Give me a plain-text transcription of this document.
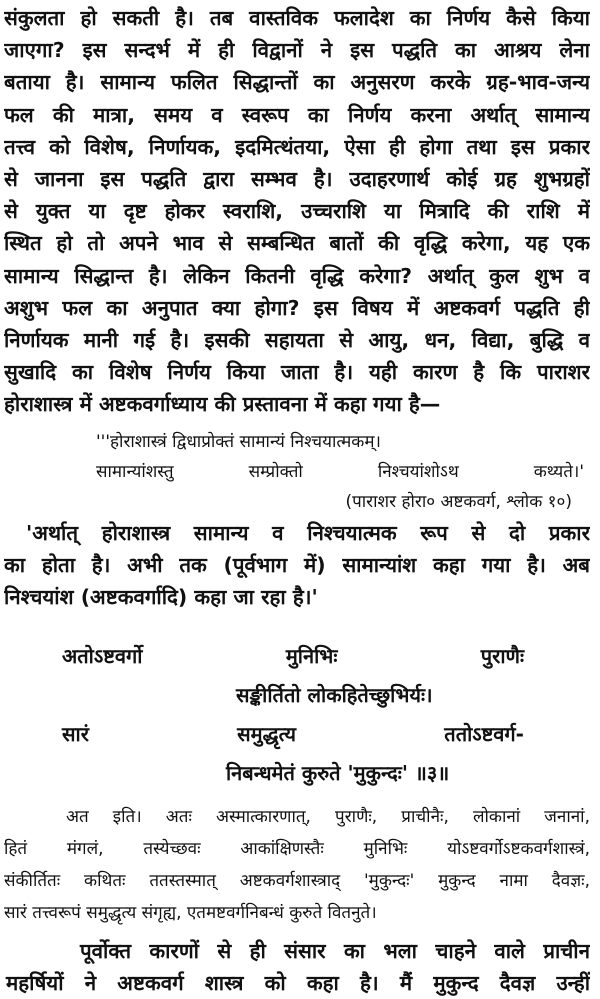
संकुलता हो सकती है। तब वास्तविक फलादेश का निर्णय कैसे किया
जाएगा? इस सन्दर्भ में ही विद्वानों ने इस पद्धति का आश्रय लेना
बताया है। सामान्य फलित सिद्धान्तों का अनुसरण करके ग्रह-भाव-जन्य
फल की मात्रा, समय व स्वरूप का निर्णय करना अर्थात् सामान्य
तत्त्व को विशेष, निर्णायक, इदमित्थंतया, ऐसा ही होगा तथा इस प्रकार
से जानना इस पद्धति द्वारा सम्भव है। उदाहरणार्थ कोई ग्रह शुभग्रहों
से युक्त या दृष्ट होकर स्वराशि, उच्चराशि या मित्रादि की राशि में
स्थित हो तो अपने भाव से सम्बन्धित बातों की वृद्धि करेगा, यह एक
सामान्य सिद्धान्त है। लेकिन कितनी वृद्धि करेगा? अर्थात् कुल शुभ व
अशुभ फल का अनुपात क्या होगा? इस विषय में अष्टकवर्ग पद्धति ही
निर्णायक मानी गई है। इसकी सहायता से आयु, धन, विद्या, बुद्धि व
सुखादि का विशेष निर्णय किया जाता है। यही कारण है कि पाराशर
होराशास्त्र में अष्टकवर्गाध्याय की प्रस्तावना में कहा गया है—
'''होराशास्त्रं द्विधाप्रोक्तं सामान्यं निश्चयात्मकम्।
सामान्यांशस्तु सम्प्रोक्तो निश्चयांशोऽथ कथ्यते।'
(पाराशर होरा० अष्टकवर्ग, श्लोक १०)
'अर्थात् होराशास्त्र सामान्य व निश्चयात्मक रूप से दो प्रकार
का होता है। अभी तक (पूर्वभाग में) सामान्यांश कहा गया है। अब
निश्चयांश (अष्टकवर्गादि) कहा जा रहा है।'
अतोऽष्टवर्गो मुनिभिः पुराणैः
सङ्कीर्तितो लोकहितेच्छुभिर्यः।
सारं समुद्धृत्य ततोऽष्टवर्ग-
निबन्धमेतं कुरुते 'मुकुन्दः' ॥३॥
अत इति। अतः अस्मात्कारणात्, पुराणैः, प्राचीनैः, लोकानां जनानां,
हितं मंगलं, तस्येच्छवः आकांक्षिणस्तैः मुनिभिः योऽष्टवर्गोऽष्टकवर्गशास्त्रं,
संकीर्तितः कथितः ततस्तस्मात् अष्टकवर्गशास्त्राद् 'मुकुन्दः' मुकुन्द नामा दैवज्ञः,
सारं तत्त्वरूपं समुद्धृत्य संगृह्य, एतमष्टवर्गनिबन्धं कुरुते वितनुते।
पूर्वोक्त कारणों से ही संसार का भला चाहने वाले प्राचीन
महर्षियों ने अष्टकवर्ग शास्त्र को कहा है। मैं मुकुन्द दैवज्ञ उन्हीं
